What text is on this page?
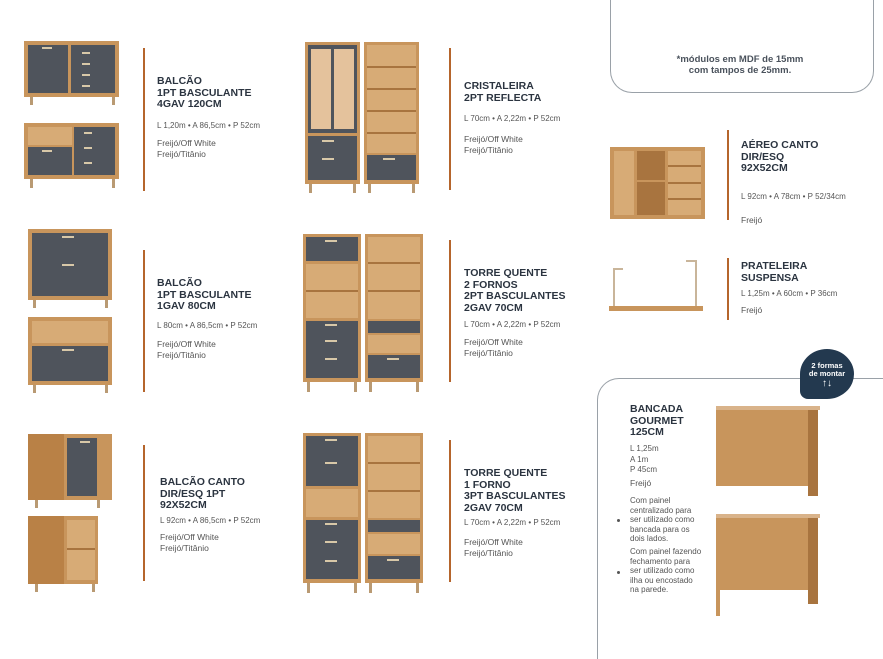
*módulos em MDF de 15mm
com tampos de 25mm.
BALCÃO
1PT BASCULANTE
4GAV 120CM
L 1,20m • A 86,5cm • P 52cm
Freijó/Off White
Freijó/Titânio
CRISTALEIRA
2PT REFLECTA
L 70cm • A 2,22m • P 52cm
Freijó/Off White
Freijó/Titânio	AÉREO CANTO
DIR/ESQ
92X52CM
L 92cm • A 78cm • P 52/34cm
Freijó
PRATELEIRA
SUSPENSA
L 1,25m • A 60cm • P 36cm
Freijó
BALCÃO
1PT BASCULANTE
1GAV 80CM
L 80cm • A 86,5cm • P 52cm
Freijó/Off White
Freijó/Titânio
TORRE QUENTE
2 FORNOS
2PT BASCULANTES
2GAV 70CM
L 70cm • A 2,22m • P 52cm
Freijó/Off White
Freijó/Titânio
BALCÃO CANTO
DIR/ESQ 1PT
92X52CM
L 92cm • A 86,5cm • P 52cm
Freijó/Off White
Freijó/Titânio
TORRE QUENTE
1 FORNO
3PT BASCULANTES
2GAV 70CM
L 70cm • A 2,22m • P 52cm
Freijó/Off White
Freijó/Titânio
2 formas
de montar
↑↓
BANCADA
GOURMET
125CM
L 1,25m
A 1m
P 45cm
Freijó
Com painel
centralizado para
ser utilizado como
bancada para os
dois lados.
Com painel fazendo
fechamento para
ser utilizado como
ilha ou encostado
na parede.
